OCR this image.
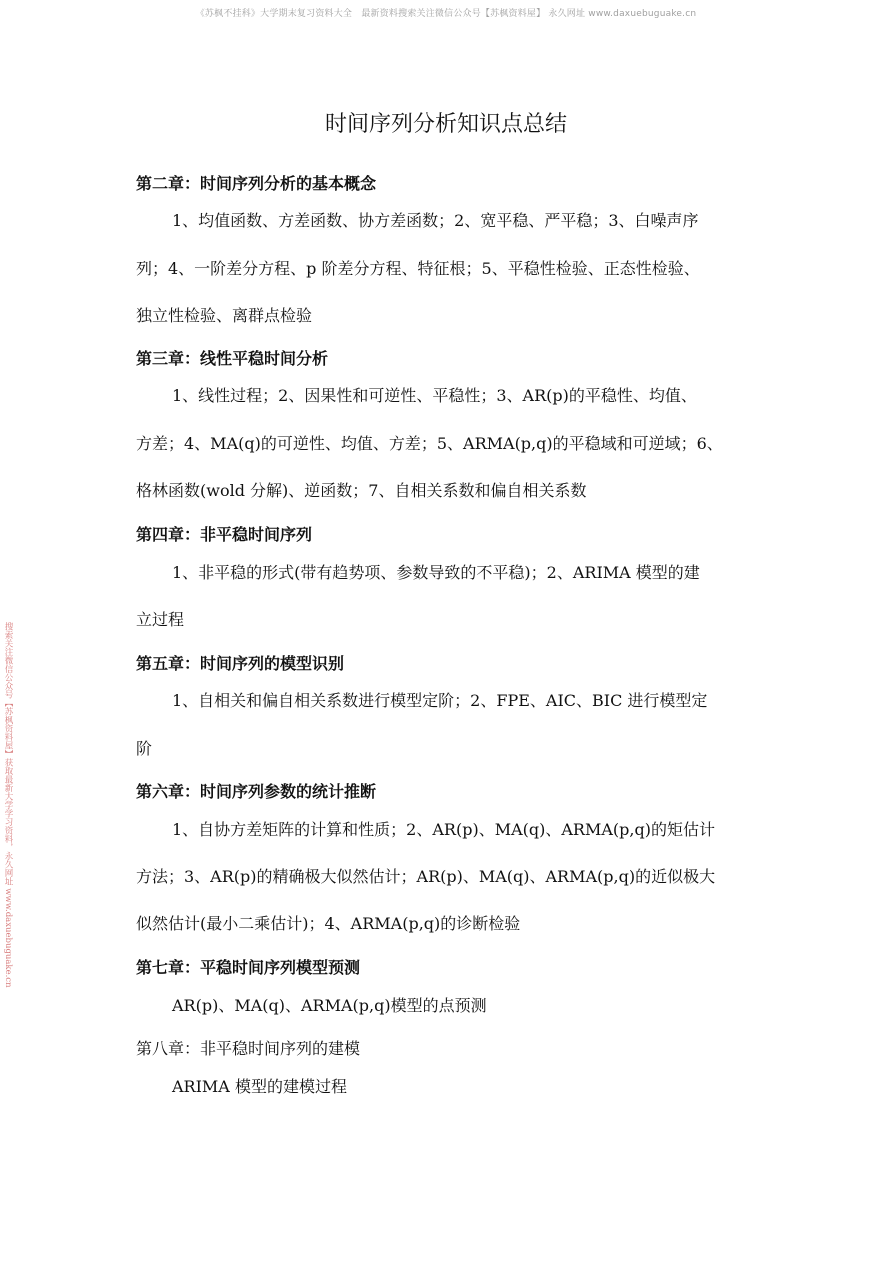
《苏枫不挂科》大学期末复习资料大全　最新资料搜索关注微信公众号【苏枫资料屋】 永久网址 www.daxuebuguake.cn
搜索关注微信公众号【苏枫资料屋】获取最新大学学习资料，永久网址 www.daxuebuguake.cn
时间序列分析知识点总结
第二章：时间序列分析的基本概念
1、均值函数、方差函数、协方差函数；2、宽平稳、严平稳；3、白噪声序
列；4、一阶差分方程、p 阶差分方程、特征根；5、平稳性检验、正态性检验、
独立性检验、离群点检验
第三章：线性平稳时间分析
1、线性过程；2、因果性和可逆性、平稳性；3、AR(p)的平稳性、均值、
方差；4、MA(q)的可逆性、均值、方差；5、ARMA(p,q)的平稳域和可逆域；6、
格林函数(wold 分解)、逆函数；7、自相关系数和偏自相关系数
第四章：非平稳时间序列
1、非平稳的形式(带有趋势项、参数导致的不平稳)；2、ARIMA 模型的建
立过程
第五章：时间序列的模型识别
1、自相关和偏自相关系数进行模型定阶；2、FPE、AIC、BIC 进行模型定
阶
第六章：时间序列参数的统计推断
1、自协方差矩阵的计算和性质；2、AR(p)、MA(q)、ARMA(p,q)的矩估计
方法；3、AR(p)的精确极大似然估计；AR(p)、MA(q)、ARMA(p,q)的近似极大
似然估计(最小二乘估计)；4、ARMA(p,q)的诊断检验
第七章：平稳时间序列模型预测
AR(p)、MA(q)、ARMA(p,q)模型的点预测
第八章：非平稳时间序列的建模
ARIMA 模型的建模过程
